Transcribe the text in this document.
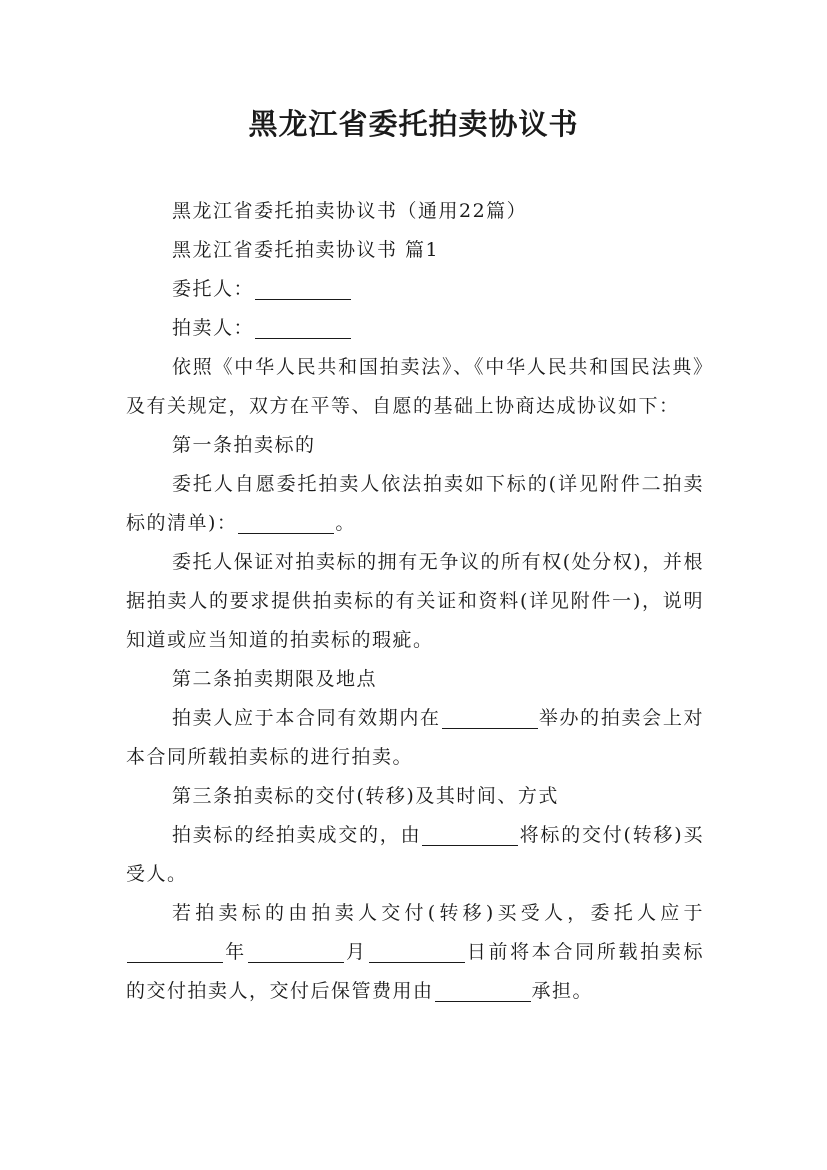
黑龙江省委托拍卖协议书

黑龙江省委托拍卖协议书（通用22篇）

黑龙江省委托拍卖协议书 篇1

委托人：

拍卖人：

依照《中华人民共和国拍卖法》、《中华人民共和国民法典》及有关规定，双方在平等、自愿的基础上协商达成协议如下：

第一条拍卖标的

委托人自愿委托拍卖人依法拍卖如下标的(详见附件二拍卖标的清单)：	。

委托人保证对拍卖标的拥有无争议的所有权(处分权)，并根据拍卖人的要求提供拍卖标的有关证和资料(详见附件一)，说明知道或应当知道的拍卖标的瑕疵。

第二条拍卖期限及地点

拍卖人应于本合同有效期内在	举办的拍卖会上对本合同所载拍卖标的进行拍卖。

第三条拍卖标的交付(转移)及其时间、方式

拍卖标的经拍卖成交的，由	将标的交付(转移)买受人。

若拍卖标的由拍卖人交付(转移)买受人，委托人应于年	月	日前将本合同所载拍卖标的交付拍卖人，交付后保管费用由	承担。
